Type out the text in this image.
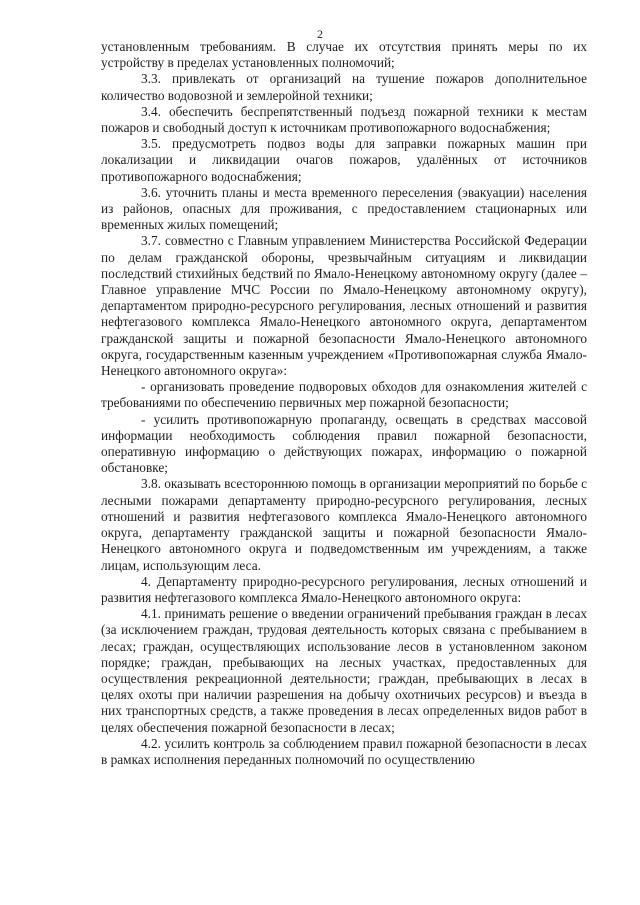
2

установленным требованиям. В случае их отсутствия принять меры по их устройству в пределах установленных полномочий;

3.3. привлекать от организаций на тушение пожаров дополнительное количество водовозной и землеройной техники;

3.4. обеспечить беспрепятственный подъезд пожарной техники к местам пожаров и свободный доступ к источникам противопожарного водоснабжения;

3.5. предусмотреть подвоз воды для заправки пожарных машин при локализации и ликвидации очагов пожаров, удалённых от источников противопожарного водоснабжения;

3.6. уточнить планы и места временного переселения (эвакуации) населения из районов, опасных для проживания, с предоставлением стационарных или временных жилых помещений;

3.7. совместно с Главным управлением Министерства Российской Федерации по делам гражданской обороны, чрезвычайным ситуациям и ликвидации последствий стихийных бедствий по Ямало-Ненецкому автономному округу (далее – Главное управление МЧС России по Ямало-Ненецкому автономному округу), департаментом природно-ресурсного регулирования, лесных отношений и развития нефтегазового комплекса Ямало-Ненецкого автономного округа, департаментом гражданской защиты и пожарной безопасности Ямало-Ненецкого автономного округа, государственным казенным учреждением «Противопожарная служба Ямало-Ненецкого автономного округа»:

- организовать проведение подворовых обходов для ознакомления жителей с требованиями по обеспечению первичных мер пожарной безопасности;

- усилить противопожарную пропаганду, освещать в средствах массовой информации необходимость соблюдения правил пожарной безопасности, оперативную информацию о действующих пожарах, информацию о пожарной обстановке;

3.8. оказывать всестороннюю помощь в организации мероприятий по борьбе с лесными пожарами департаменту природно-ресурсного регулирования, лесных отношений и развития нефтегазового комплекса Ямало-Ненецкого автономного округа, департаменту гражданской защиты и пожарной безопасности Ямало-Ненецкого автономного округа и подведомственным им учреждениям, а также лицам, использующим леса.

4. Департаменту природно-ресурсного регулирования, лесных отношений и развития нефтегазового комплекса Ямало-Ненецкого автономного округа:

4.1. принимать решение о введении ограничений пребывания граждан в лесах (за исключением граждан, трудовая деятельность которых связана с пребыванием в лесах; граждан, осуществляющих использование лесов в установленном законом порядке; граждан, пребывающих на лесных участках, предоставленных для осуществления рекреационной деятельности; граждан, пребывающих в лесах в целях охоты при наличии разрешения на добычу охотничьих ресурсов) и въезда в них транспортных средств, а также проведения в лесах определенных видов работ в целях обеспечения пожарной безопасности в лесах;

4.2. усилить контроль за соблюдением правил пожарной безопасности в лесах в рамках исполнения переданных полномочий по осуществлению
